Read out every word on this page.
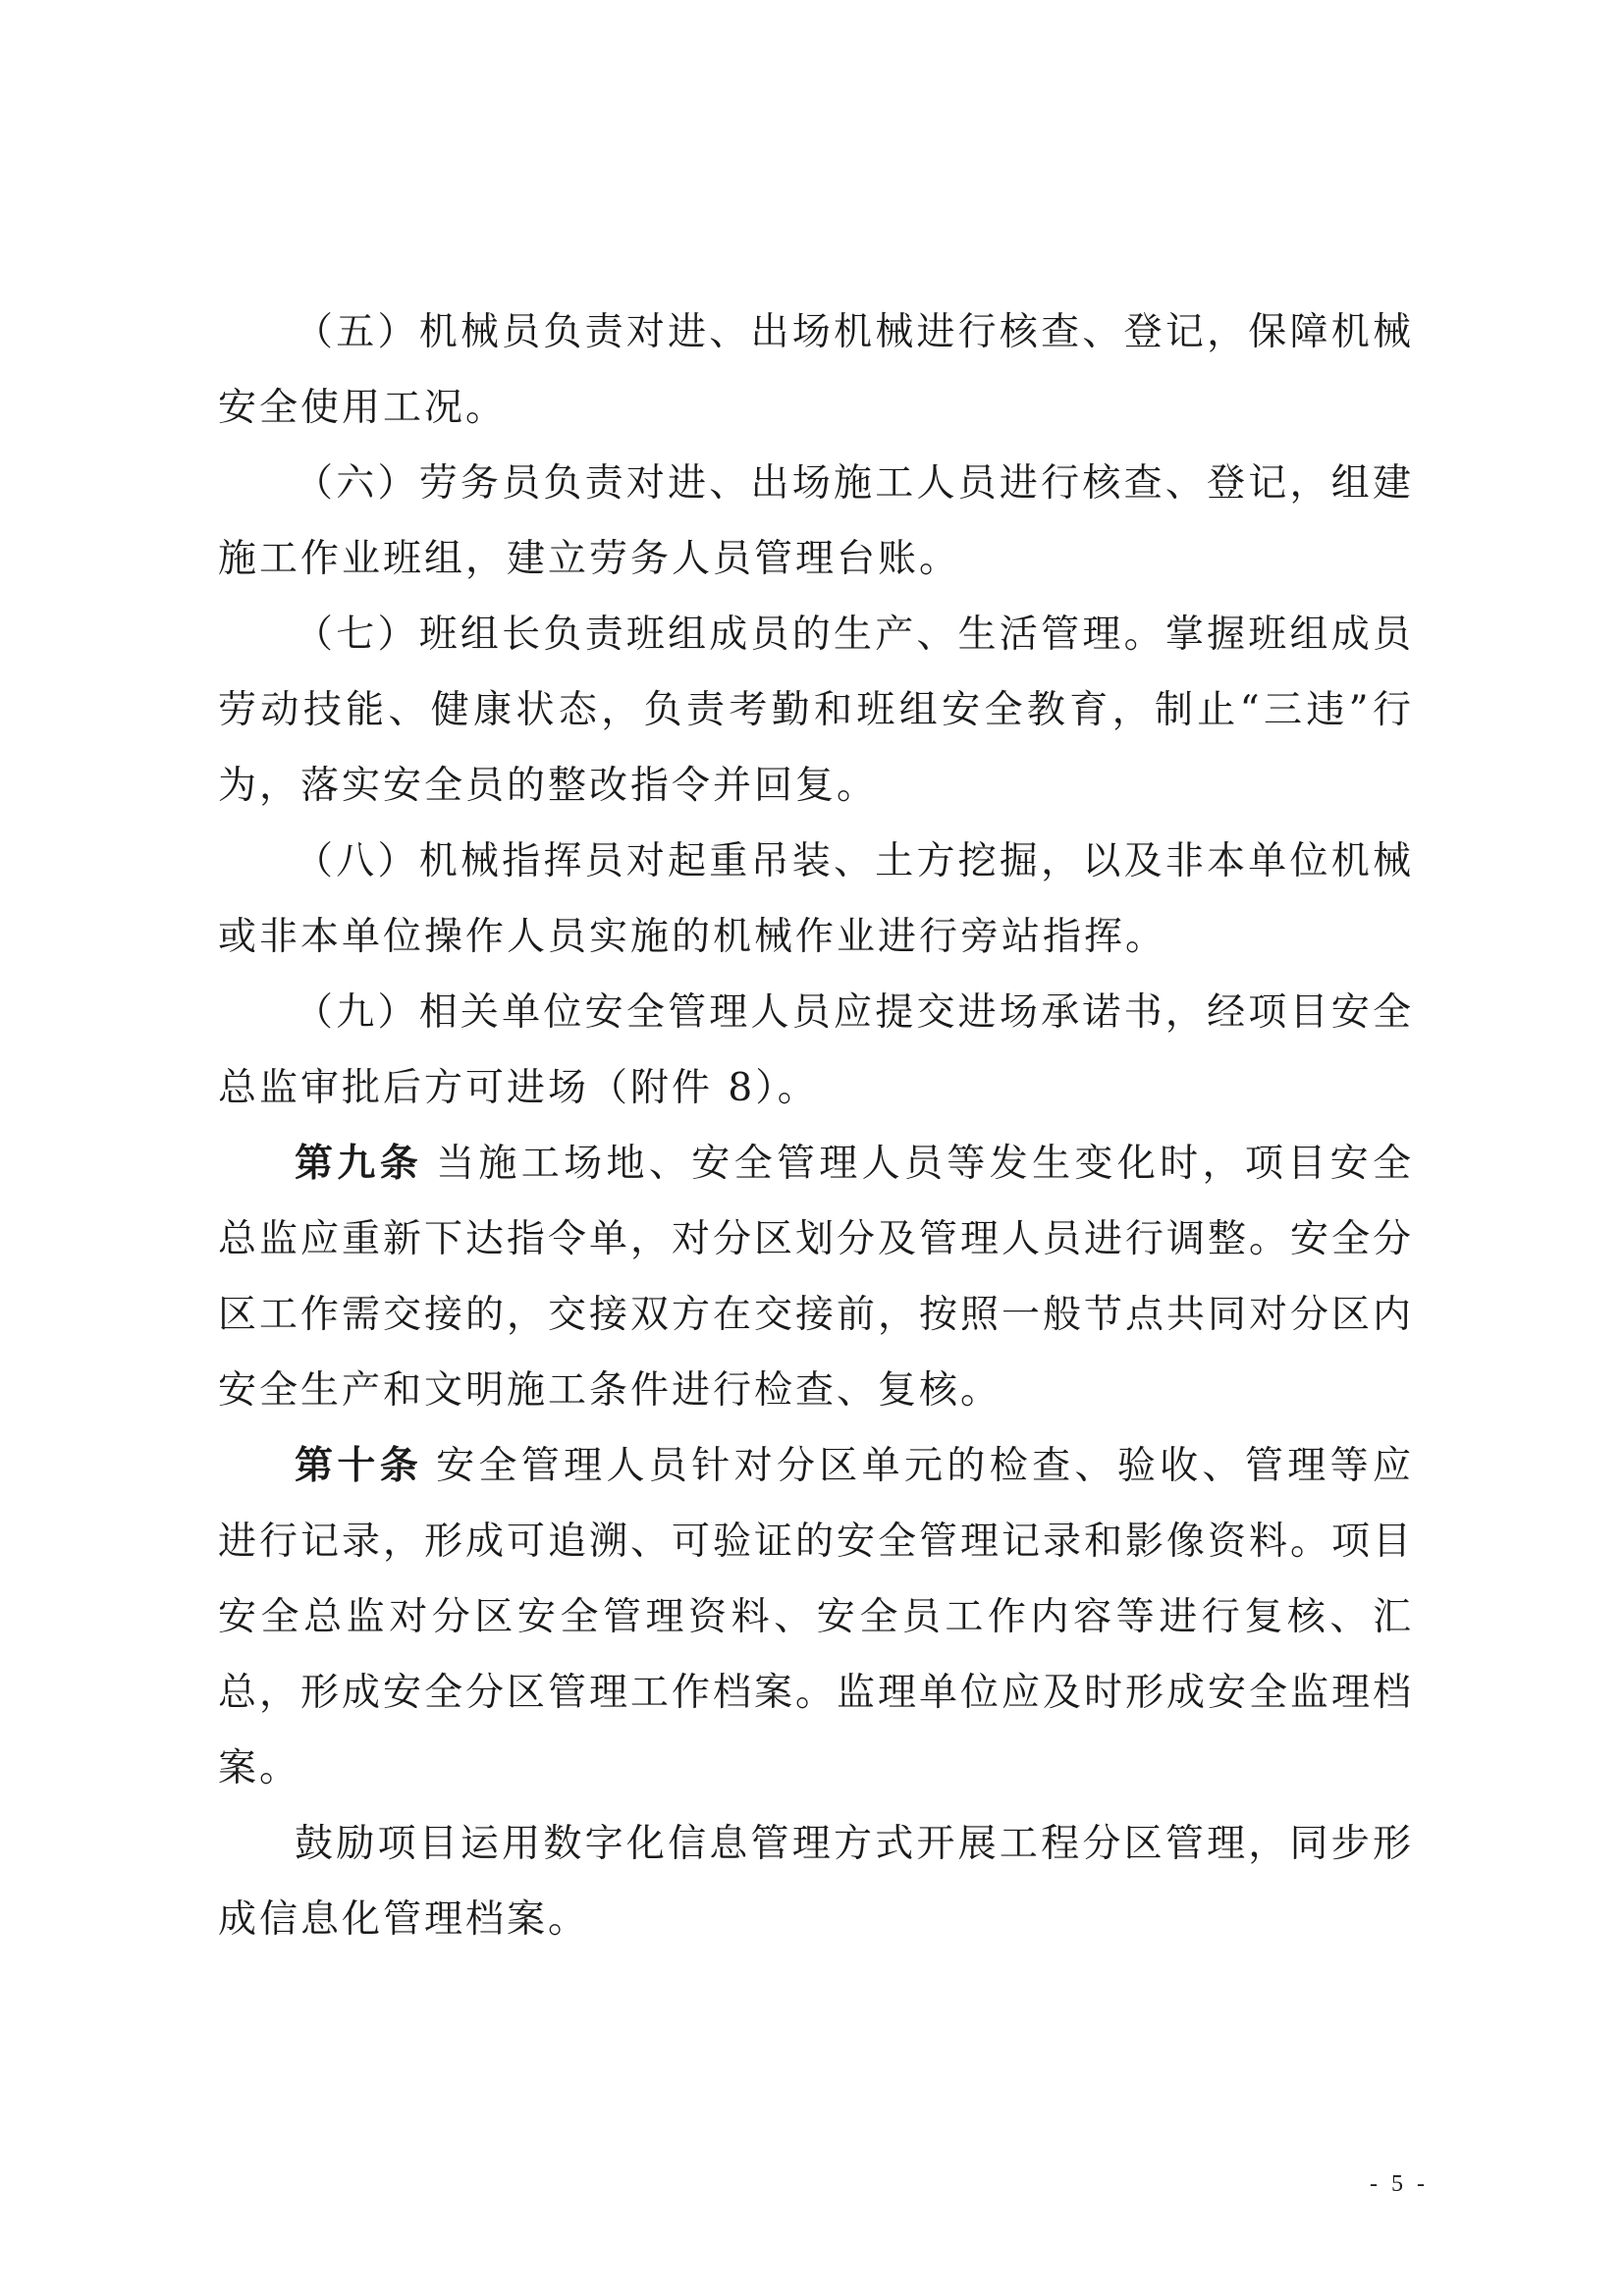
（五）机械员负责对进、出场机械进行核查、登记，保障机械安全使用工况。

（六）劳务员负责对进、出场施工人员进行核查、登记，组建施工作业班组，建立劳务人员管理台账。

（七）班组长负责班组成员的生产、生活管理。掌握班组成员劳动技能、健康状态，负责考勤和班组安全教育，制止“三违”行为，落实安全员的整改指令并回复。

（八）机械指挥员对起重吊装、土方挖掘，以及非本单位机械或非本单位操作人员实施的机械作业进行旁站指挥。

（九）相关单位安全管理人员应提交进场承诺书，经项目安全总监审批后方可进场（附件 8）。

第九条 当施工场地、安全管理人员等发生变化时，项目安全总监应重新下达指令单，对分区划分及管理人员进行调整。安全分区工作需交接的，交接双方在交接前，按照一般节点共同对分区内安全生产和文明施工条件进行检查、复核。

第十条 安全管理人员针对分区单元的检查、验收、管理等应进行记录，形成可追溯、可验证的安全管理记录和影像资料。项目安全总监对分区安全管理资料、安全员工作内容等进行复核、汇总，形成安全分区管理工作档案。监理单位应及时形成安全监理档案。

鼓励项目运用数字化信息管理方式开展工程分区管理，同步形成信息化管理档案。

- 5 -
